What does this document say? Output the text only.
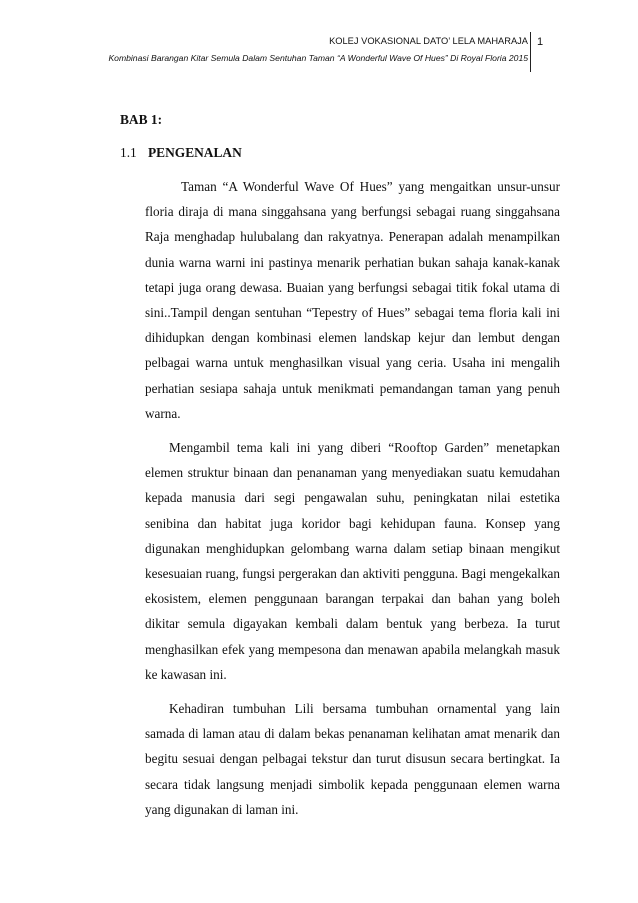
KOLEJ VOKASIONAL DATO’ LELA MAHARAJA
Kombinasi Barangan Kitar Semula Dalam Sentuhan Taman “A Wonderful Wave Of Hues” Di Royal Floria 2015
1
BAB 1:
1.1 PENGENALAN

Taman “A Wonderful Wave Of Hues” yang mengaitkan unsur-unsur floria diraja di mana singgahsana yang berfungsi sebagai ruang singgahsana Raja menghadap hulubalang dan rakyatnya. Penerapan adalah menampilkan dunia warna warni ini pastinya menarik perhatian bukan sahaja kanak-kanak tetapi juga orang dewasa. Buaian yang berfungsi sebagai titik fokal utama di sini..Tampil dengan sentuhan “Tepestry of Hues” sebagai tema floria kali ini dihidupkan dengan kombinasi elemen landskap kejur dan lembut dengan pelbagai warna untuk menghasilkan visual yang ceria. Usaha ini mengalih perhatian sesiapa sahaja untuk menikmati pemandangan taman yang penuh warna.

Mengambil tema kali ini yang diberi “Rooftop Garden” menetapkan elemen struktur binaan dan penanaman yang menyediakan suatu kemudahan kepada manusia dari segi pengawalan suhu, peningkatan nilai estetika senibina dan habitat juga koridor bagi kehidupan fauna. Konsep yang digunakan menghidupkan gelombang warna dalam setiap binaan mengikut kesesuaian ruang, fungsi pergerakan dan aktiviti pengguna. Bagi mengekalkan ekosistem, elemen penggunaan barangan terpakai dan bahan yang boleh dikitar semula digayakan kembali dalam bentuk yang berbeza. Ia turut menghasilkan efek yang mempesona dan menawan apabila melangkah masuk ke kawasan ini.

Kehadiran tumbuhan Lili bersama tumbuhan ornamental yang lain samada di laman atau di dalam bekas penanaman kelihatan amat menarik dan begitu sesuai dengan pelbagai tekstur dan turut disusun secara bertingkat. Ia secara tidak langsung menjadi simbolik kepada penggunaan elemen warna yang digunakan di laman ini.
